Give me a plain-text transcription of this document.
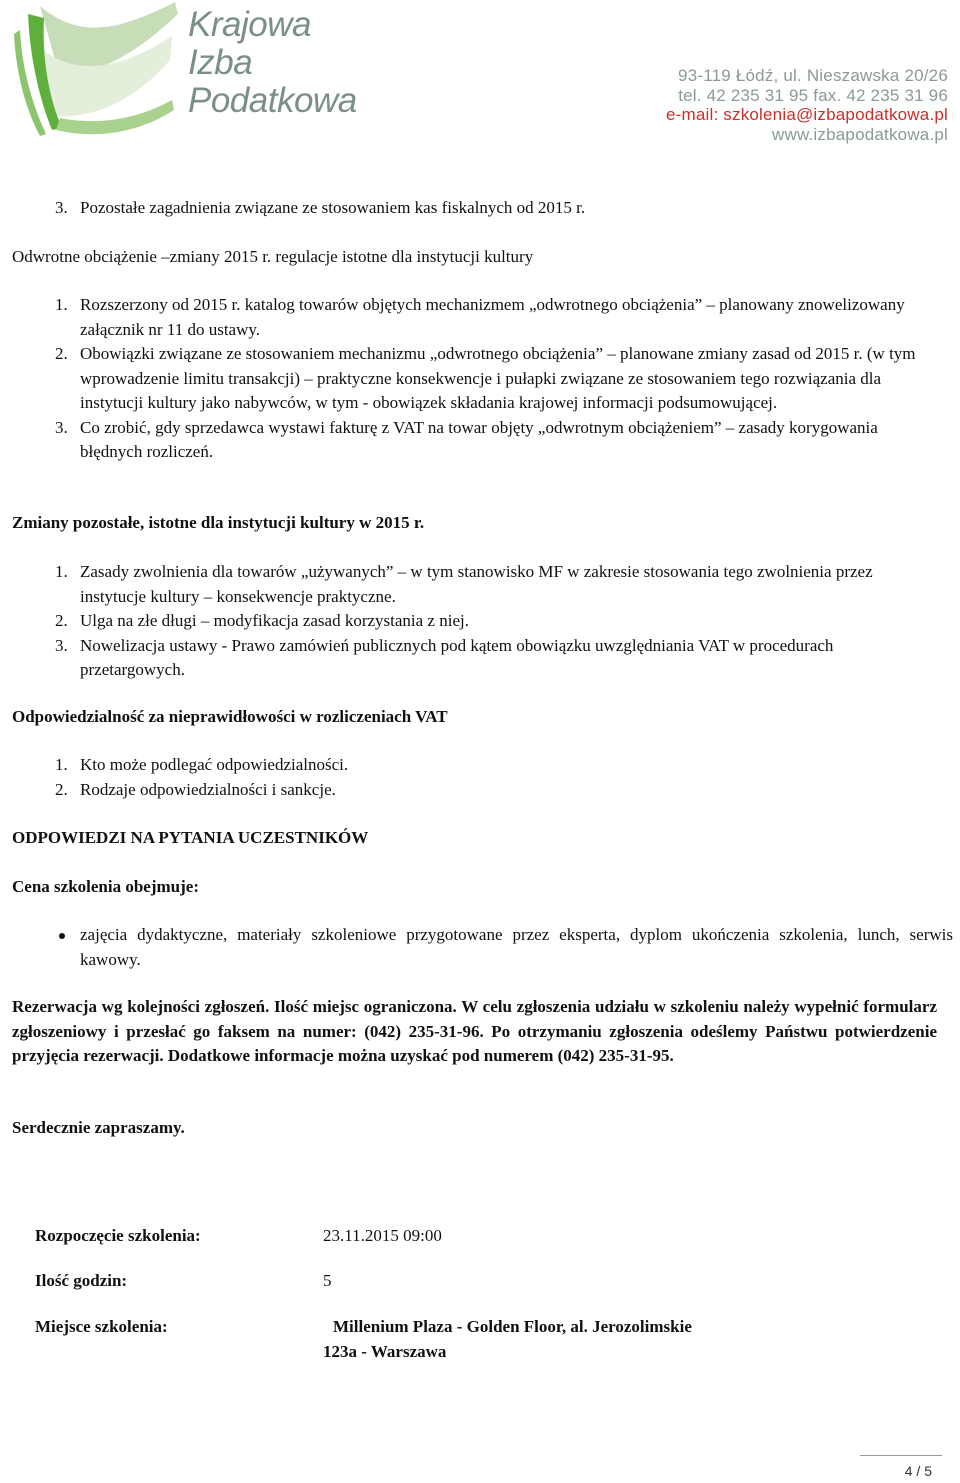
Krajowa
Izba
Podatkowa
93-119 Łódź, ul. Nieszawska 20/26
tel. 42 235 31 95 fax. 42 235 31 96
e-mail: szkolenia@izbapodatkowa.pl
www.izbapodatkowa.pl
3. Pozostałe zagadnienia związane ze stosowaniem kas fiskalnych od 2015 r.
Odwrotne obciążenie –zmiany 2015 r. regulacje istotne dla instytucji kultury
1. Rozszerzony od 2015 r. katalog towarów objętych mechanizmem „odwrotnego obciążenia” – planowany znowelizowany załącznik nr 11 do ustawy.
2. Obowiązki związane ze stosowaniem mechanizmu „odwrotnego obciążenia” – planowane zmiany zasad od 2015 r. (w tym wprowadzenie limitu transakcji) – praktyczne konsekwencje i pułapki związane ze stosowaniem tego rozwiązania dla instytucji kultury jako nabywców, w tym - obowiązek składania krajowej informacji podsumowującej.
3. Co zrobić, gdy sprzedawca wystawi fakturę z VAT na towar objęty „odwrotnym obciążeniem” – zasady korygowania błędnych rozliczeń.
Zmiany pozostałe, istotne dla instytucji kultury w 2015 r.
1. Zasady zwolnienia dla towarów „używanych” – w tym stanowisko MF w zakresie stosowania tego zwolnienia przez instytucje kultury – konsekwencje praktyczne.
2. Ulga na złe długi – modyfikacja zasad korzystania z niej.
3. Nowelizacja ustawy - Prawo zamówień publicznych pod kątem obowiązku uwzględniania VAT w procedurach przetargowych.
Odpowiedzialność za nieprawidłowości w rozliczeniach VAT
1. Kto może podlegać odpowiedzialności.
2. Rodzaje odpowiedzialności i sankcje.
ODPOWIEDZI NA PYTANIA UCZESTNIKÓW
Cena szkolenia obejmuje:
zajęcia dydaktyczne, materiały szkoleniowe przygotowane przez eksperta, dyplom ukończenia szkolenia, lunch, serwis kawowy.
Rezerwacja wg kolejności zgłoszeń. Ilość miejsc ograniczona. W celu zgłoszenia udziału w szkoleniu należy wypełnić formularz zgłoszeniowy i przesłać go faksem na numer: (042) 235-31-96. Po otrzymaniu zgłoszenia odeślemy Państwu potwierdzenie przyjęcia rezerwacji. Dodatkowe informacje można uzyskać pod numerem (042) 235-31-95.
Serdecznie zapraszamy.
Rozpoczęcie szkolenia:	23.11.2015 09:00
Ilość godzin:	5
Miejsce szkolenia:	Millenium Plaza - Golden Floor, al. Jerozolimskie
123a - Warszawa
4 / 5
